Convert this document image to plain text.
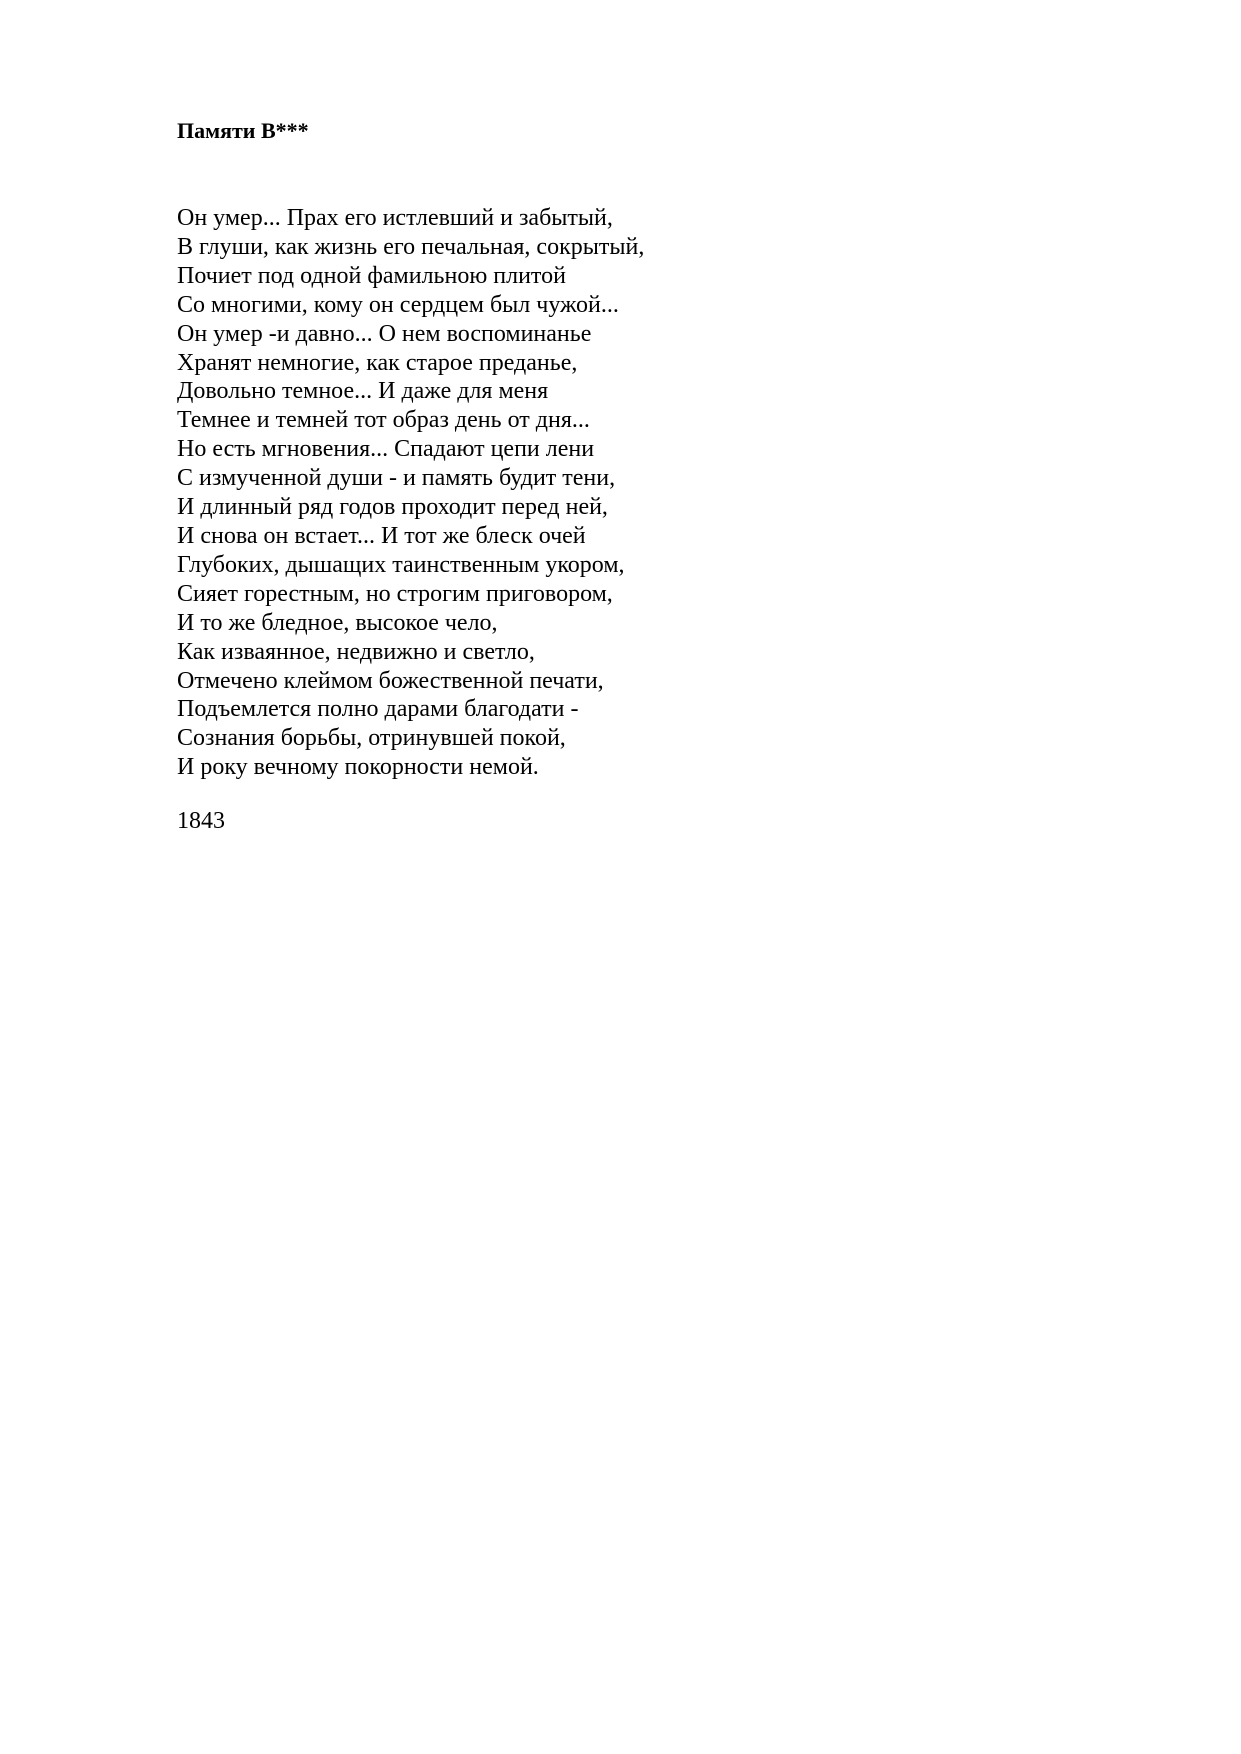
Памяти В***
Он умер... Прах его истлевший и забытый,
В глуши, как жизнь его печальная, сокрытый,
Почиет под одной фамильною плитой
Со многими, кому он сердцем был чужой...
Он умер -и давно... О нем воспоминанье
Хранят немногие, как старое преданье,
Довольно темное... И даже для меня
Темнее и темней тот образ день от дня...
Но есть мгновения... Спадают цепи лени
С измученной души - и память будит тени,
И длинный ряд годов проходит перед ней,
И снова он встает... И тот же блеск очей
Глубоких, дышащих таинственным укором,
Сияет горестным, но строгим приговором,
И то же бледное, высокое чело,
Как изваянное, недвижно и светло,
Отмечено клеймом божественной печати,
Подъемлется полно дарами благодати -
Сознания борьбы, отринувшей покой,
И року вечному покорности немой.
1843
